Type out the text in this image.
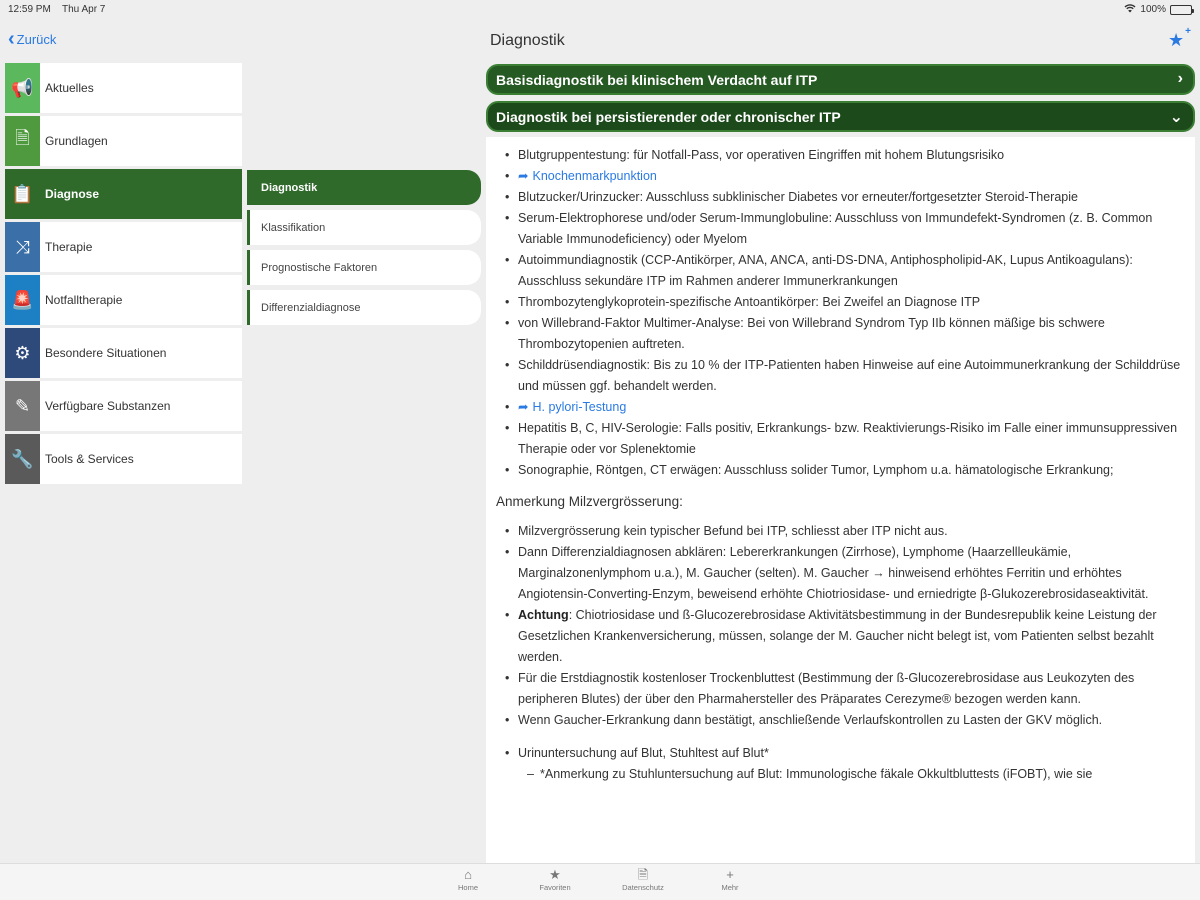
12:59 PM Thu Apr 7	100%
‹ Zurück	Diagnostik	★ +
📢 Aktuelles
🗎	Grundlagen
📋 Diagnose
⤨	Therapie
🚨 Notfalltherapie
⚙	Besondere Situationen
✎	Verfügbare Substanzen
🔧 Tools & Services
Diagnostik
Klassifikation
Prognostische Faktoren
Differenzialdiagnose
Basisdiagnostik bei klinischem Verdacht auf ITP	›
Diagnostik bei persistierender oder chronischer ITP	⌄
• Blutgruppentestung: für Notfall-Pass, vor operativen Eingriffen mit hohem Blutungsrisiko
• ➦ Knochenmarkpunktion
• Blutzucker/Urinzucker: Ausschluss subklinischer Diabetes vor erneuter/fortgesetzter Steroid-Therapie
• Serum-Elektrophorese und/oder Serum-Immunglobuline: Ausschluss von Immundefekt-Syndromen (z. B. Common Variable Immunodeficiency) oder Myelom
• Autoimmundiagnostik (CCP-Antikörper, ANA, ANCA, anti-DS-DNA, Antiphospholipid-AK, Lupus Antikoagulans): Ausschluss sekundäre ITP im Rahmen anderer Immunerkrankungen
• Thrombozytenglykoprotein-spezifische Antoantikörper: Bei Zweifel an Diagnose ITP
• von Willebrand-Faktor Multimer-Analyse: Bei von Willebrand Syndrom Typ IIb können mäßige bis schwere Thrombozytopenien auftreten.
• Schilddrüsendiagnostik: Bis zu 10 % der ITP-Patienten haben Hinweise auf eine Autoimmunerkrankung der Schilddrüse und müssen ggf. behandelt werden.
• ➦ H. pylori-Testung
• Hepatitis B, C, HIV-Serologie: Falls positiv, Erkrankungs- bzw. Reaktivierungs-Risiko im Falle einer immunsuppressiven Therapie oder vor Splenektomie
• Sonographie, Röntgen, CT erwägen: Ausschluss solider Tumor, Lymphom u.a. hämatologische Erkrankung;
Anmerkung Milzvergrösserung:
• Milzvergrösserung kein typischer Befund bei ITP, schliesst aber ITP nicht aus.
• Dann Differenzialdiagnosen abklären: Lebererkrankungen (Zirrhose), Lymphome (Haarzellleukämie, Marginalzonenlymphom u.a.), M. Gaucher (selten). M. Gaucher → hinweisend erhöhtes Ferritin und erhöhtes Angiotensin-Converting-Enzym, beweisend erhöhte Chiotriosidase- und erniedrigte β-Glukozerebrosidaseaktivität.
• Achtung: Chiotriosidase und ß-Glucozerebrosidase Aktivitätsbestimmung in der Bundesrepublik keine Leistung der Gesetzlichen Krankenversicherung, müssen, solange der M. Gaucher nicht belegt ist, vom Patienten selbst bezahlt werden.
• Für die Erstdiagnostik kostenloser Trockenbluttest (Bestimmung der ß-Glucozerebrosidase aus Leukozyten des peripheren Blutes) der über den Pharmahersteller des Präparates Cerezyme® bezogen werden kann.
• Wenn Gaucher-Erkrankung dann bestätigt, anschließende Verlaufskontrollen zu Lasten der GKV möglich.
• Urinuntersuchung auf Blut, Stuhltest auf Blut*
– *Anmerkung zu Stuhluntersuchung auf Blut: Immunologische fäkale Okkultbluttests (iFOBT), wie sie
⌂
Home
★
Favoriten
🗎
Datenschutz
+
Mehr
